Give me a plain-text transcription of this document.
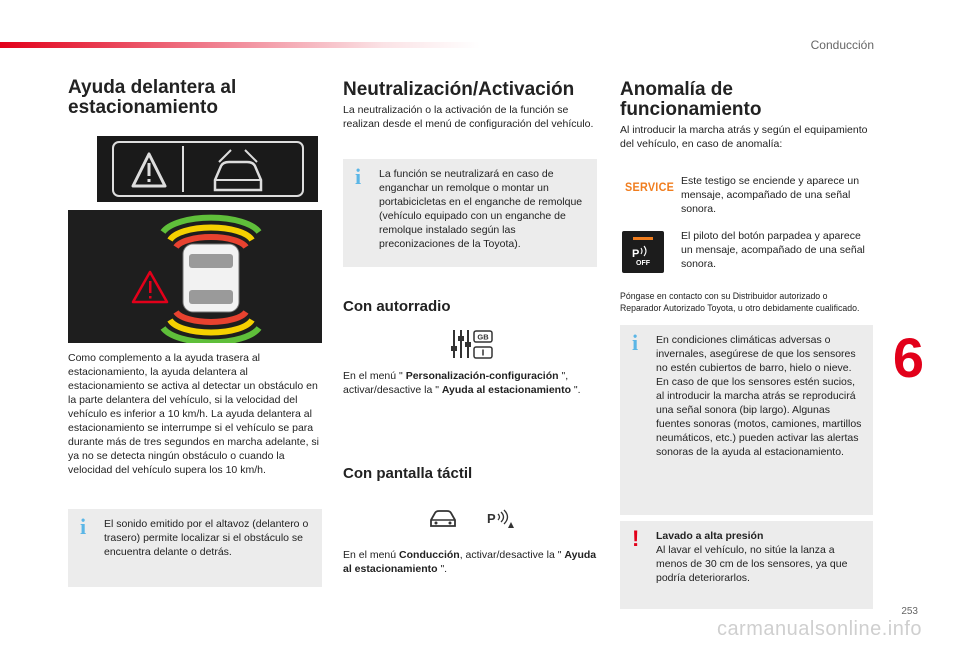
Conducción
6
253
carmanualsonline.info
Ayuda delantera al estacionamiento

Como complemento a la ayuda trasera al estacionamiento, la ayuda delantera al estacionamiento se activa al detectar un obstáculo en la parte delantera del vehículo, si la velocidad del vehículo es inferior a 10 km/h. La ayuda delantera al estacionamiento se interrumpe si el vehículo se para durante más de tres segundos en marcha adelante, si ya no se detecta ningún obstáculo o cuando la velocidad del vehículo supera los 10 km/h.

i	El sonido emitido por el altavoz (delantero o trasero) permite localizar si el obstáculo se encuentra delante o detrás.

Neutralización/Activación

La neutralización o la activación de la función se realizan desde el menú de configuración del vehículo.

i	La función se neutralizará en caso de enganchar un remolque o montar un portabicicletas en el enganche de remolque (vehículo equipado con un enganche de remolque instalado según las preconizaciones de la Toyota).

Con autorradio
GB

En el menú " Personalización-configuración ", activar/desactive la " Ayuda al estacionamiento ".

Con pantalla táctil
P

En el menú Conducción, activar/desactive la " Ayuda al estacionamiento ".

Anomalía de funcionamiento

Al introducir la marcha atrás y según el equipamiento del vehículo, en caso de anomalía:

SERVICE Este testigo se enciende y aparece un mensaje, acompañado de una señal sonora.

P
OFF

El piloto del botón parpadea y aparece un mensaje, acompañado de una señal sonora.

Póngase en contacto con su Distribuidor autorizado o Reparador Autorizado Toyota, u otro debidamente cualificado.

i	En condiciones climáticas adversas o invernales, asegúrese de que los sensores no estén cubiertos de barro, hielo o nieve. En caso de que los sensores estén sucios, al introducir la marcha atrás se reproducirá una señal sonora (bip largo). Algunas fuentes sonoras (motos, camiones, martillos neumáticos, etc.) pueden activar las alertas sonoras de la ayuda al estacionamiento.

!	Lavado a alta presión

Al lavar el vehículo, no sitúe la lanza a menos de 30 cm de los sensores, ya que podría deteriorarlos.
